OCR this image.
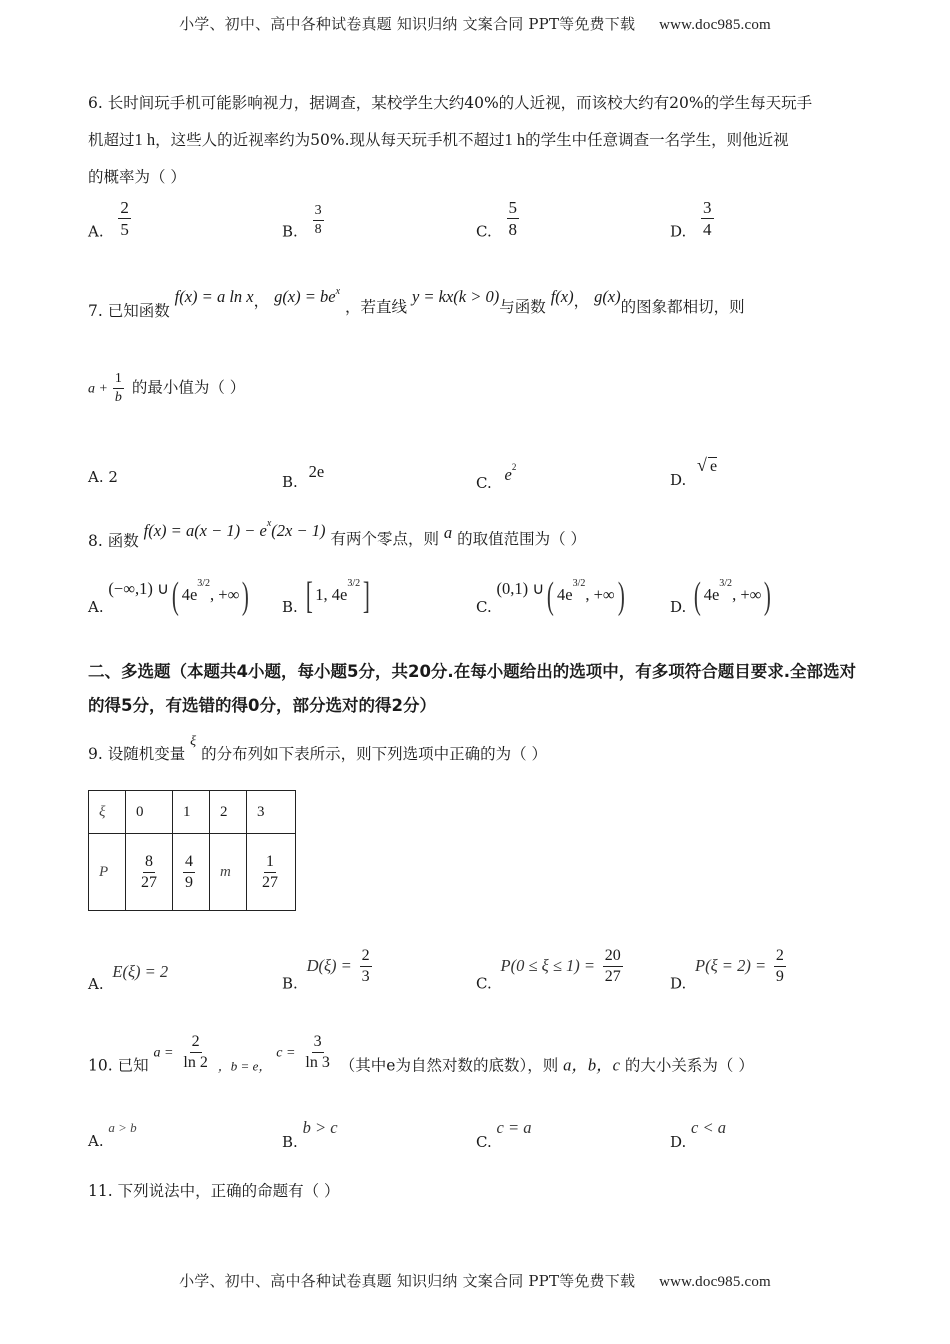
小学、初中、高中各种试卷真题 知识归纳 文案合同 PPT等免费下载 www.doc985.com
6. 长时间玩手机可能影响视力，据调查，某校学生大约40%的人近视，而该校大约有20%的学生每天玩手
机超过1 h，这些人的近视率约为50%.现从每天玩手机不超过1 h的学生中任意调查一名学生，则他近视
的概率为（ ）
A. $\frac{2}{5}$	B. $\frac{3}{8}$	C. $\frac{5}{8}$	D. $\frac{3}{4}$
7. 已知函数 f(x) = a ln x， $g(x) = be^x$ ，若直线 y = kx(k > 0)与函数 f(x)， g(x)的图象都相切，则
$a + \frac{1}{b}$ 的最小值为（ ）
A. 2	B. 2e
C. $e^2$
D. √ e
8. 函数 $f(x) = a(x - 1) - e^x(2x - 1)$ 有两个零点，则 a 的取值范围为（ ）
A. (−∞,1) ∪( $4e^{3/2}$, +∞) B. [ 1, $4e^{3/2}$]	C. (0,1) ∪( $4e^{3/2}$, +∞)	D. ( $4e^{3/2}$, +∞)
二、多选题（本题共4小题，每小题5分，共20分.在每小题给出的选项中，有多项符合题目要求.全部选对的得5分，有选错的得0分，部分选对的得2分）
9. 设随机变量 ξ 的分布列如下表所示，则下列选项中正确的为（ ）
ξ	0	1	2	3
P	$\frac{8}{27}$	$\frac{4}{9}$	m	$\frac{1}{27}$
A. E(ξ) = 2
B. $D(\xi) = \frac{2}{3}$	C. $P(0 \le \xi \le 1) = \frac{20}{27}$	D. $P(\xi = 2) = \frac{2}{9}$
10. 已知 $a = \frac{2}{\ln 2} _{,b = e,}$ $c = \frac{3}{\ln 3}$ （其中e为自然对数的底数），则 a，b，c 的大小关系为（ ）
A. a > b
B. b > c
C. c = a
D. c < a
11. 下列说法中，正确的命题有（ ）
小学、初中、高中各种试卷真题 知识归纳 文案合同 PPT等免费下载 www.doc985.com
